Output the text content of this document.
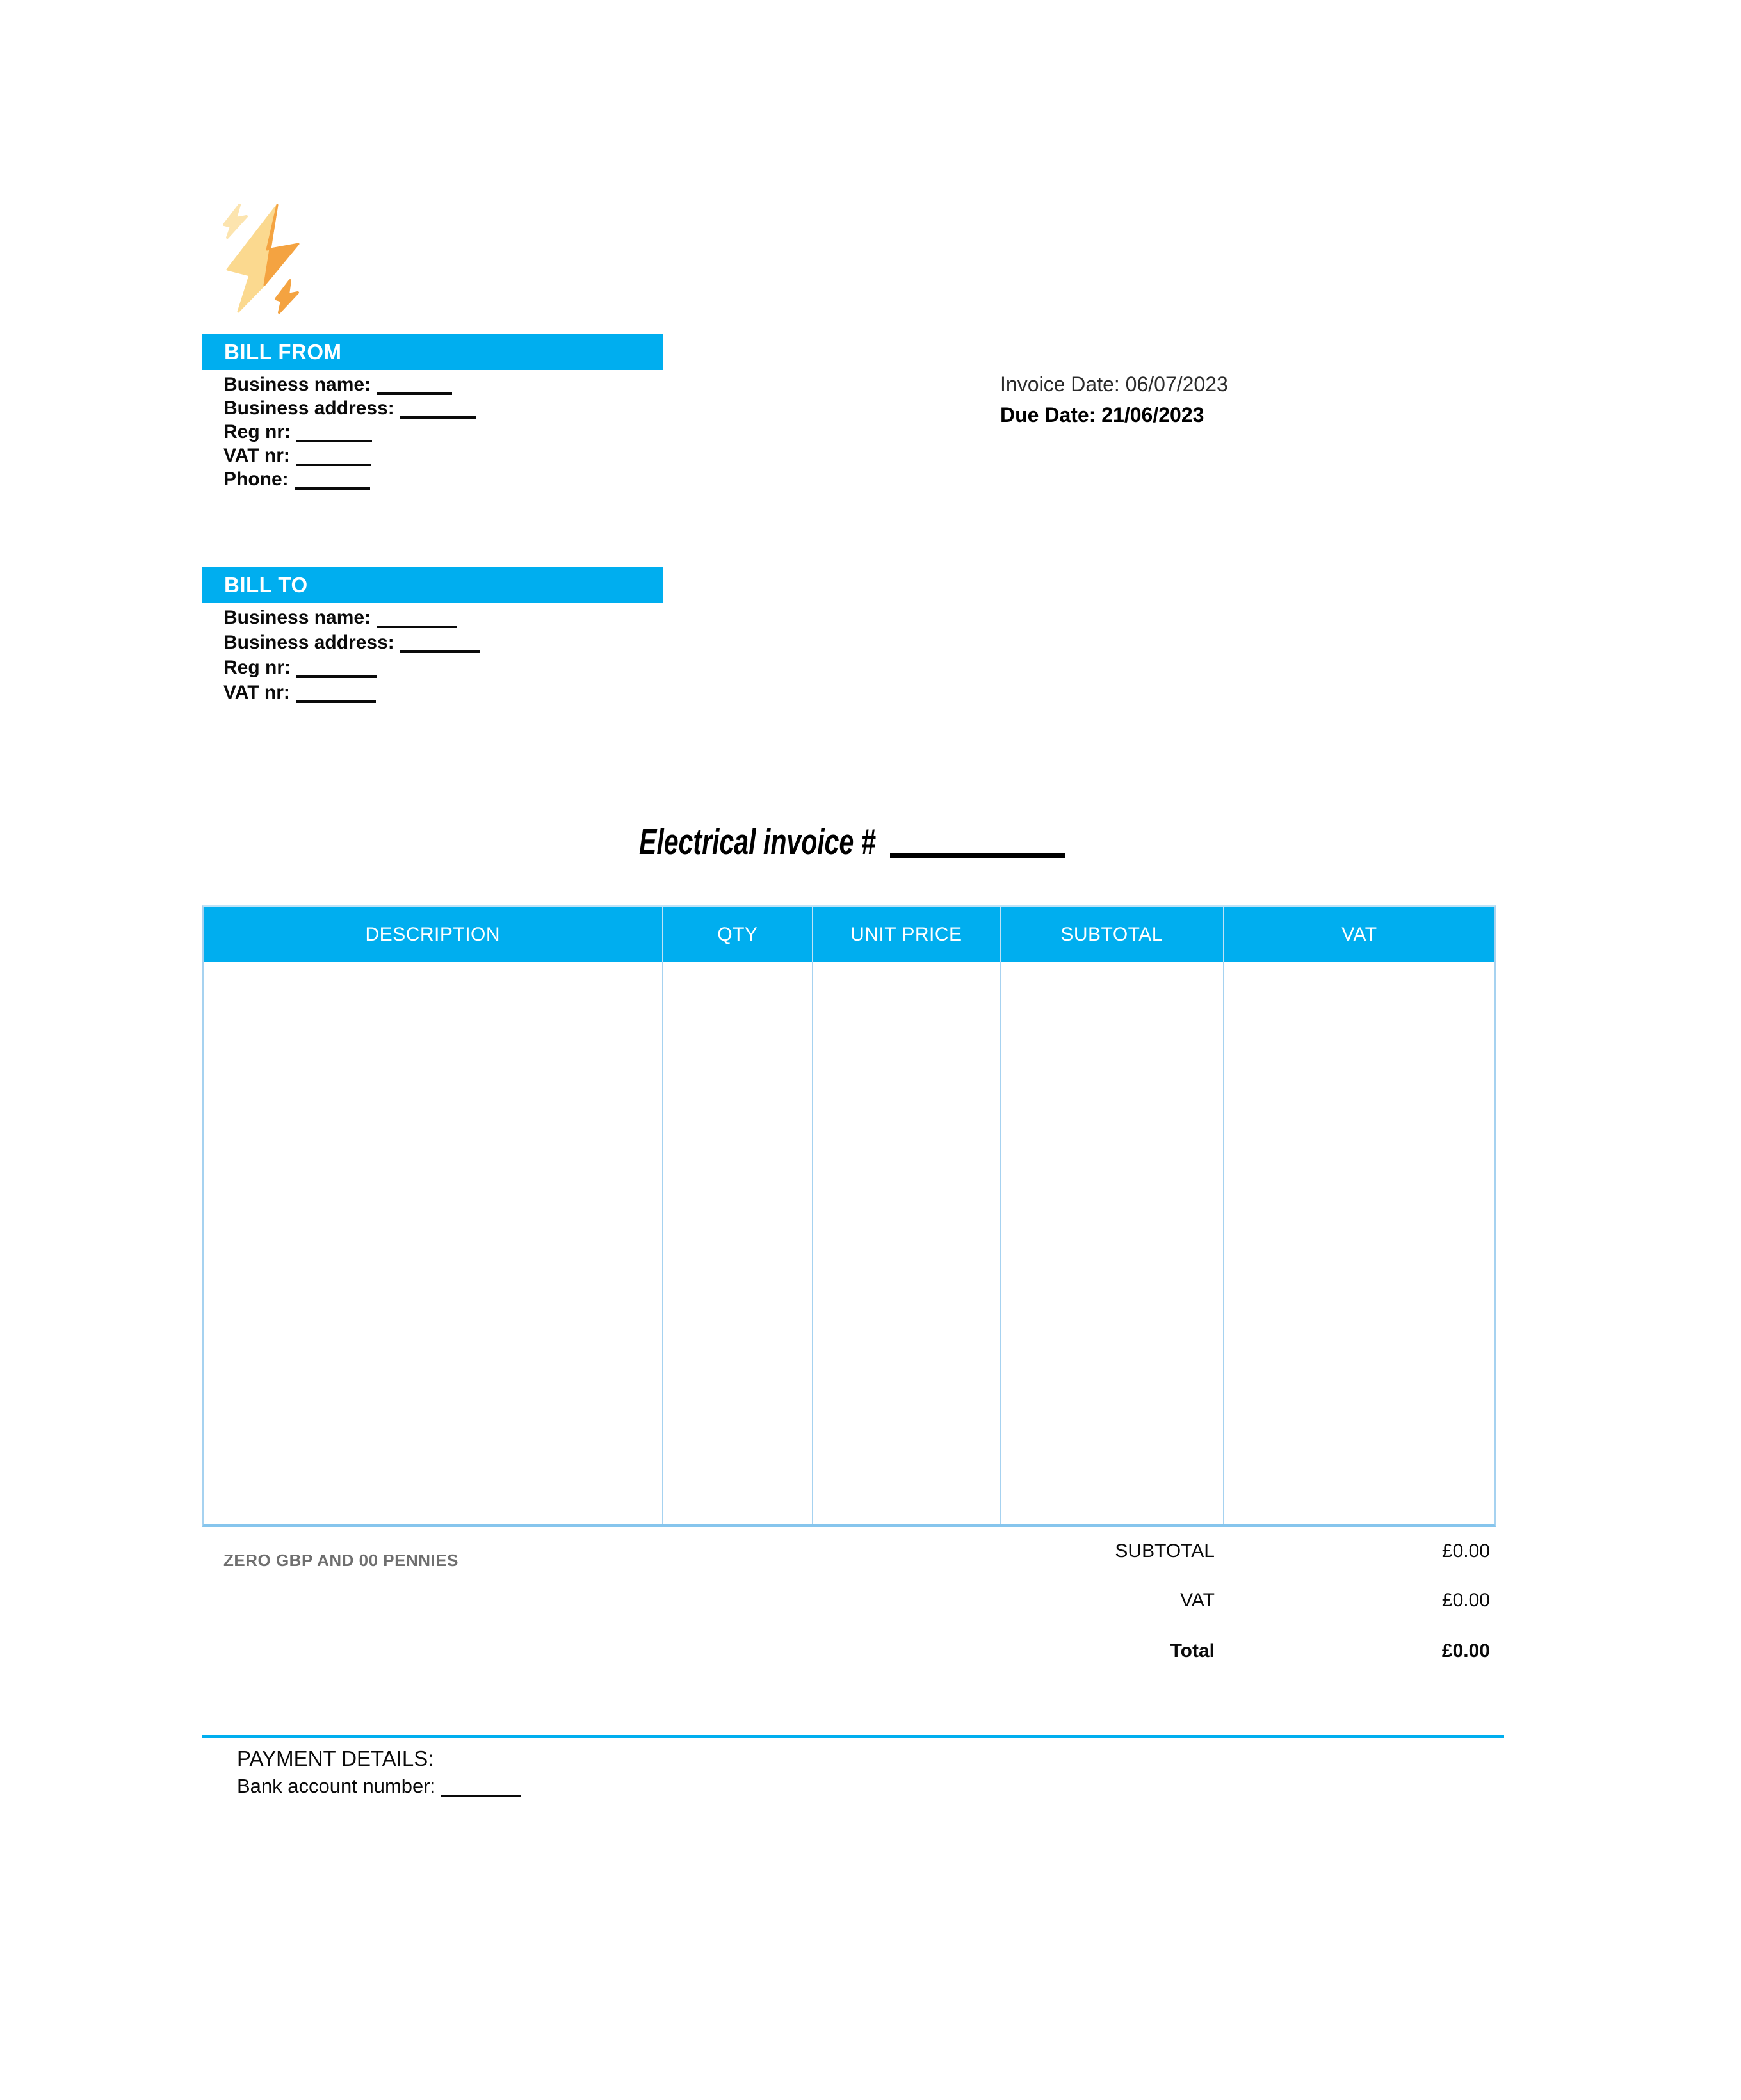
BILL FROM
Business name:
Business address:
Reg nr:
VAT nr:
Phone:
Invoice Date: 06/07/2023
Due Date: 21/06/2023
BILL TO
Business name:
Business address:
Reg nr:
VAT nr:
Electrical invoice #
DESCRIPTION	QTY	UNIT PRICE	SUBTOTAL	VAT
SUBTOTAL	£0.00
VAT	£0.00
Total	£0.00
ZERO GBP AND 00 PENNIES
PAYMENT DETAILS:
Bank account number:
